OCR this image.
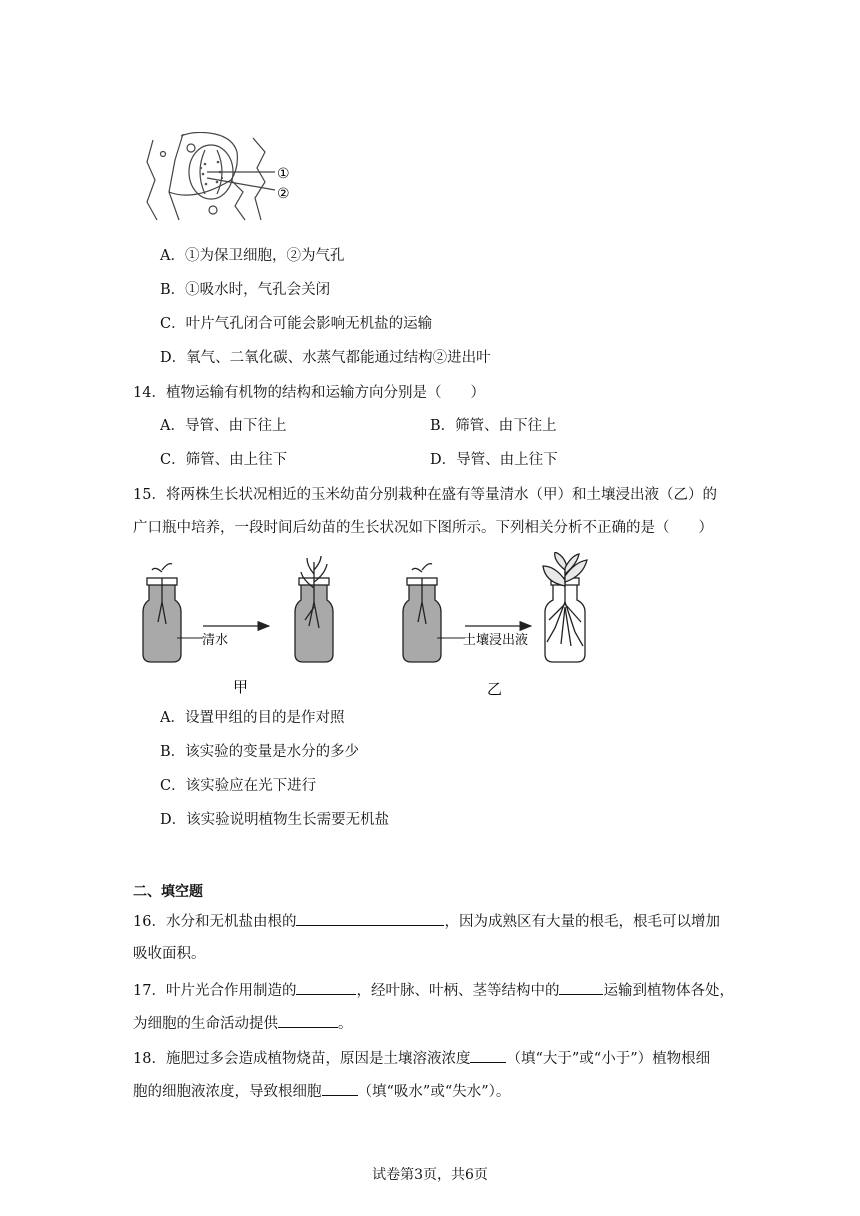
①
②
A．①为保卫细胞，②为气孔
B．①吸水时，气孔会关闭
C．叶片气孔闭合可能会影响无机盐的运输
D．氧气、二氧化碳、水蒸气都能通过结构②进出叶
14．植物运输有机物的结构和运输方向分别是（　　）
A．导管、由下往上	B．筛管、由下往上
C．筛管、由上往下	D．导管、由上往下
15．将两株生长状况相近的玉米幼苗分别栽种在盛有等量清水（甲）和土壤浸出液（乙）的
广口瓶中培养，一段时间后幼苗的生长状况如下图所示。下列相关分析不正确的是（　　）
清水	土壤浸出液
甲	乙
A．设置甲组的目的是作对照
B．该实验的变量是水分的多少
C．该实验应在光下进行
D．该实验说明植物生长需要无机盐
二、填空题
16．水分和无机盐由根的	，因为成熟区有大量的根毛，根毛可以增加
吸收面积。
17．叶片光合作用制造的	，经叶脉、叶柄、茎等结构中的	运输到植物体各处，
为细胞的生命活动提供	。
18．施肥过多会造成植物烧苗，原因是土壤溶液浓度 （填“大于”或“小于”）植物根细
胞的细胞液浓度，导致根细胞 （填“吸水”或“失水”）。
试卷第3页，共6页
